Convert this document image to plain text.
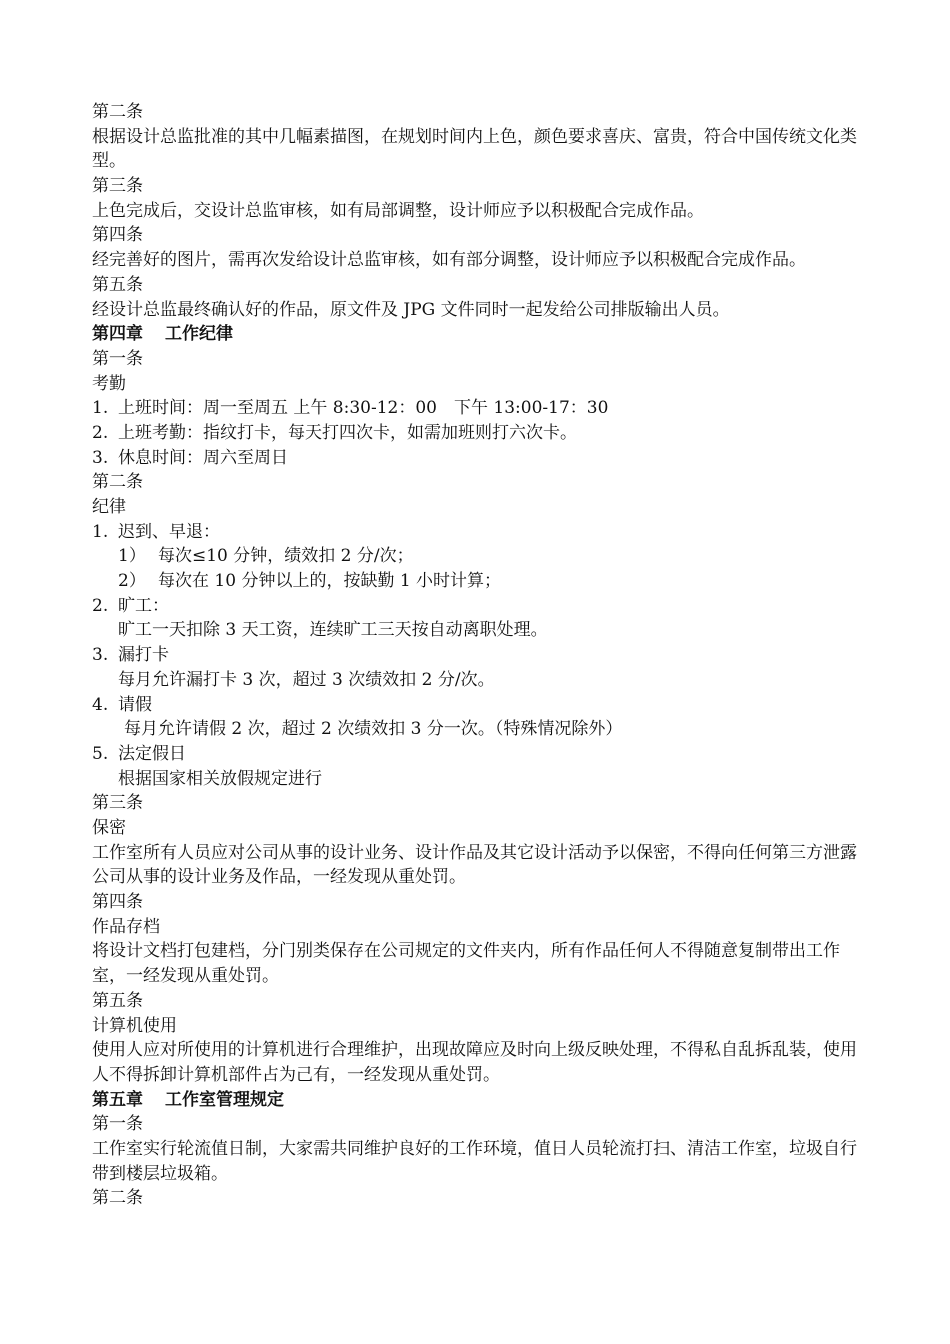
第二条
根据设计总监批准的其中几幅素描图，在规划时间内上色，颜色要求喜庆、富贵，符合中国传统文化类型。
第三条
上色完成后，交设计总监审核，如有局部调整，设计师应予以积极配合完成作品。
第四条
经完善好的图片，需再次发给设计总监审核，如有部分调整，设计师应予以积极配合完成作品。
第五条
经设计总监最终确认好的作品，原文件及 JPG 文件同时一起发给公司排版输出人员。
第四章 工作纪律
第一条
考勤
1. 上班时间：周一至周五 上午 8:30-12：00　下午 13:00-17：30
2. 上班考勤：指纹打卡，每天打四次卡，如需加班则打六次卡。
3. 休息时间：周六至周日
第二条
纪律
1. 迟到、早退：
1） 每次≤10 分钟，绩效扣 2 分/次；
2） 每次在 10 分钟以上的，按缺勤 1 小时计算；
2. 旷工：
旷工一天扣除 3 天工资，连续旷工三天按自动离职处理。
3. 漏打卡
每月允许漏打卡 3 次，超过 3 次绩效扣 2 分/次。
4. 请假
每月允许请假 2 次，超过 2 次绩效扣 3 分一次。（特殊情况除外）
5. 法定假日
根据国家相关放假规定进行
第三条
保密
工作室所有人员应对公司从事的设计业务、设计作品及其它设计活动予以保密，不得向任何第三方泄露公司从事的设计业务及作品，一经发现从重处罚。
第四条
作品存档
将设计文档打包建档，分门别类保存在公司规定的文件夹内，所有作品任何人不得随意复制带出工作室，一经发现从重处罚。
第五条
计算机使用
使用人应对所使用的计算机进行合理维护，出现故障应及时向上级反映处理，不得私自乱拆乱装，使用人不得拆卸计算机部件占为己有，一经发现从重处罚。
第五章 工作室管理规定
第一条
工作室实行轮流值日制，大家需共同维护良好的工作环境，值日人员轮流打扫、清洁工作室，垃圾自行带到楼层垃圾箱。
第二条
